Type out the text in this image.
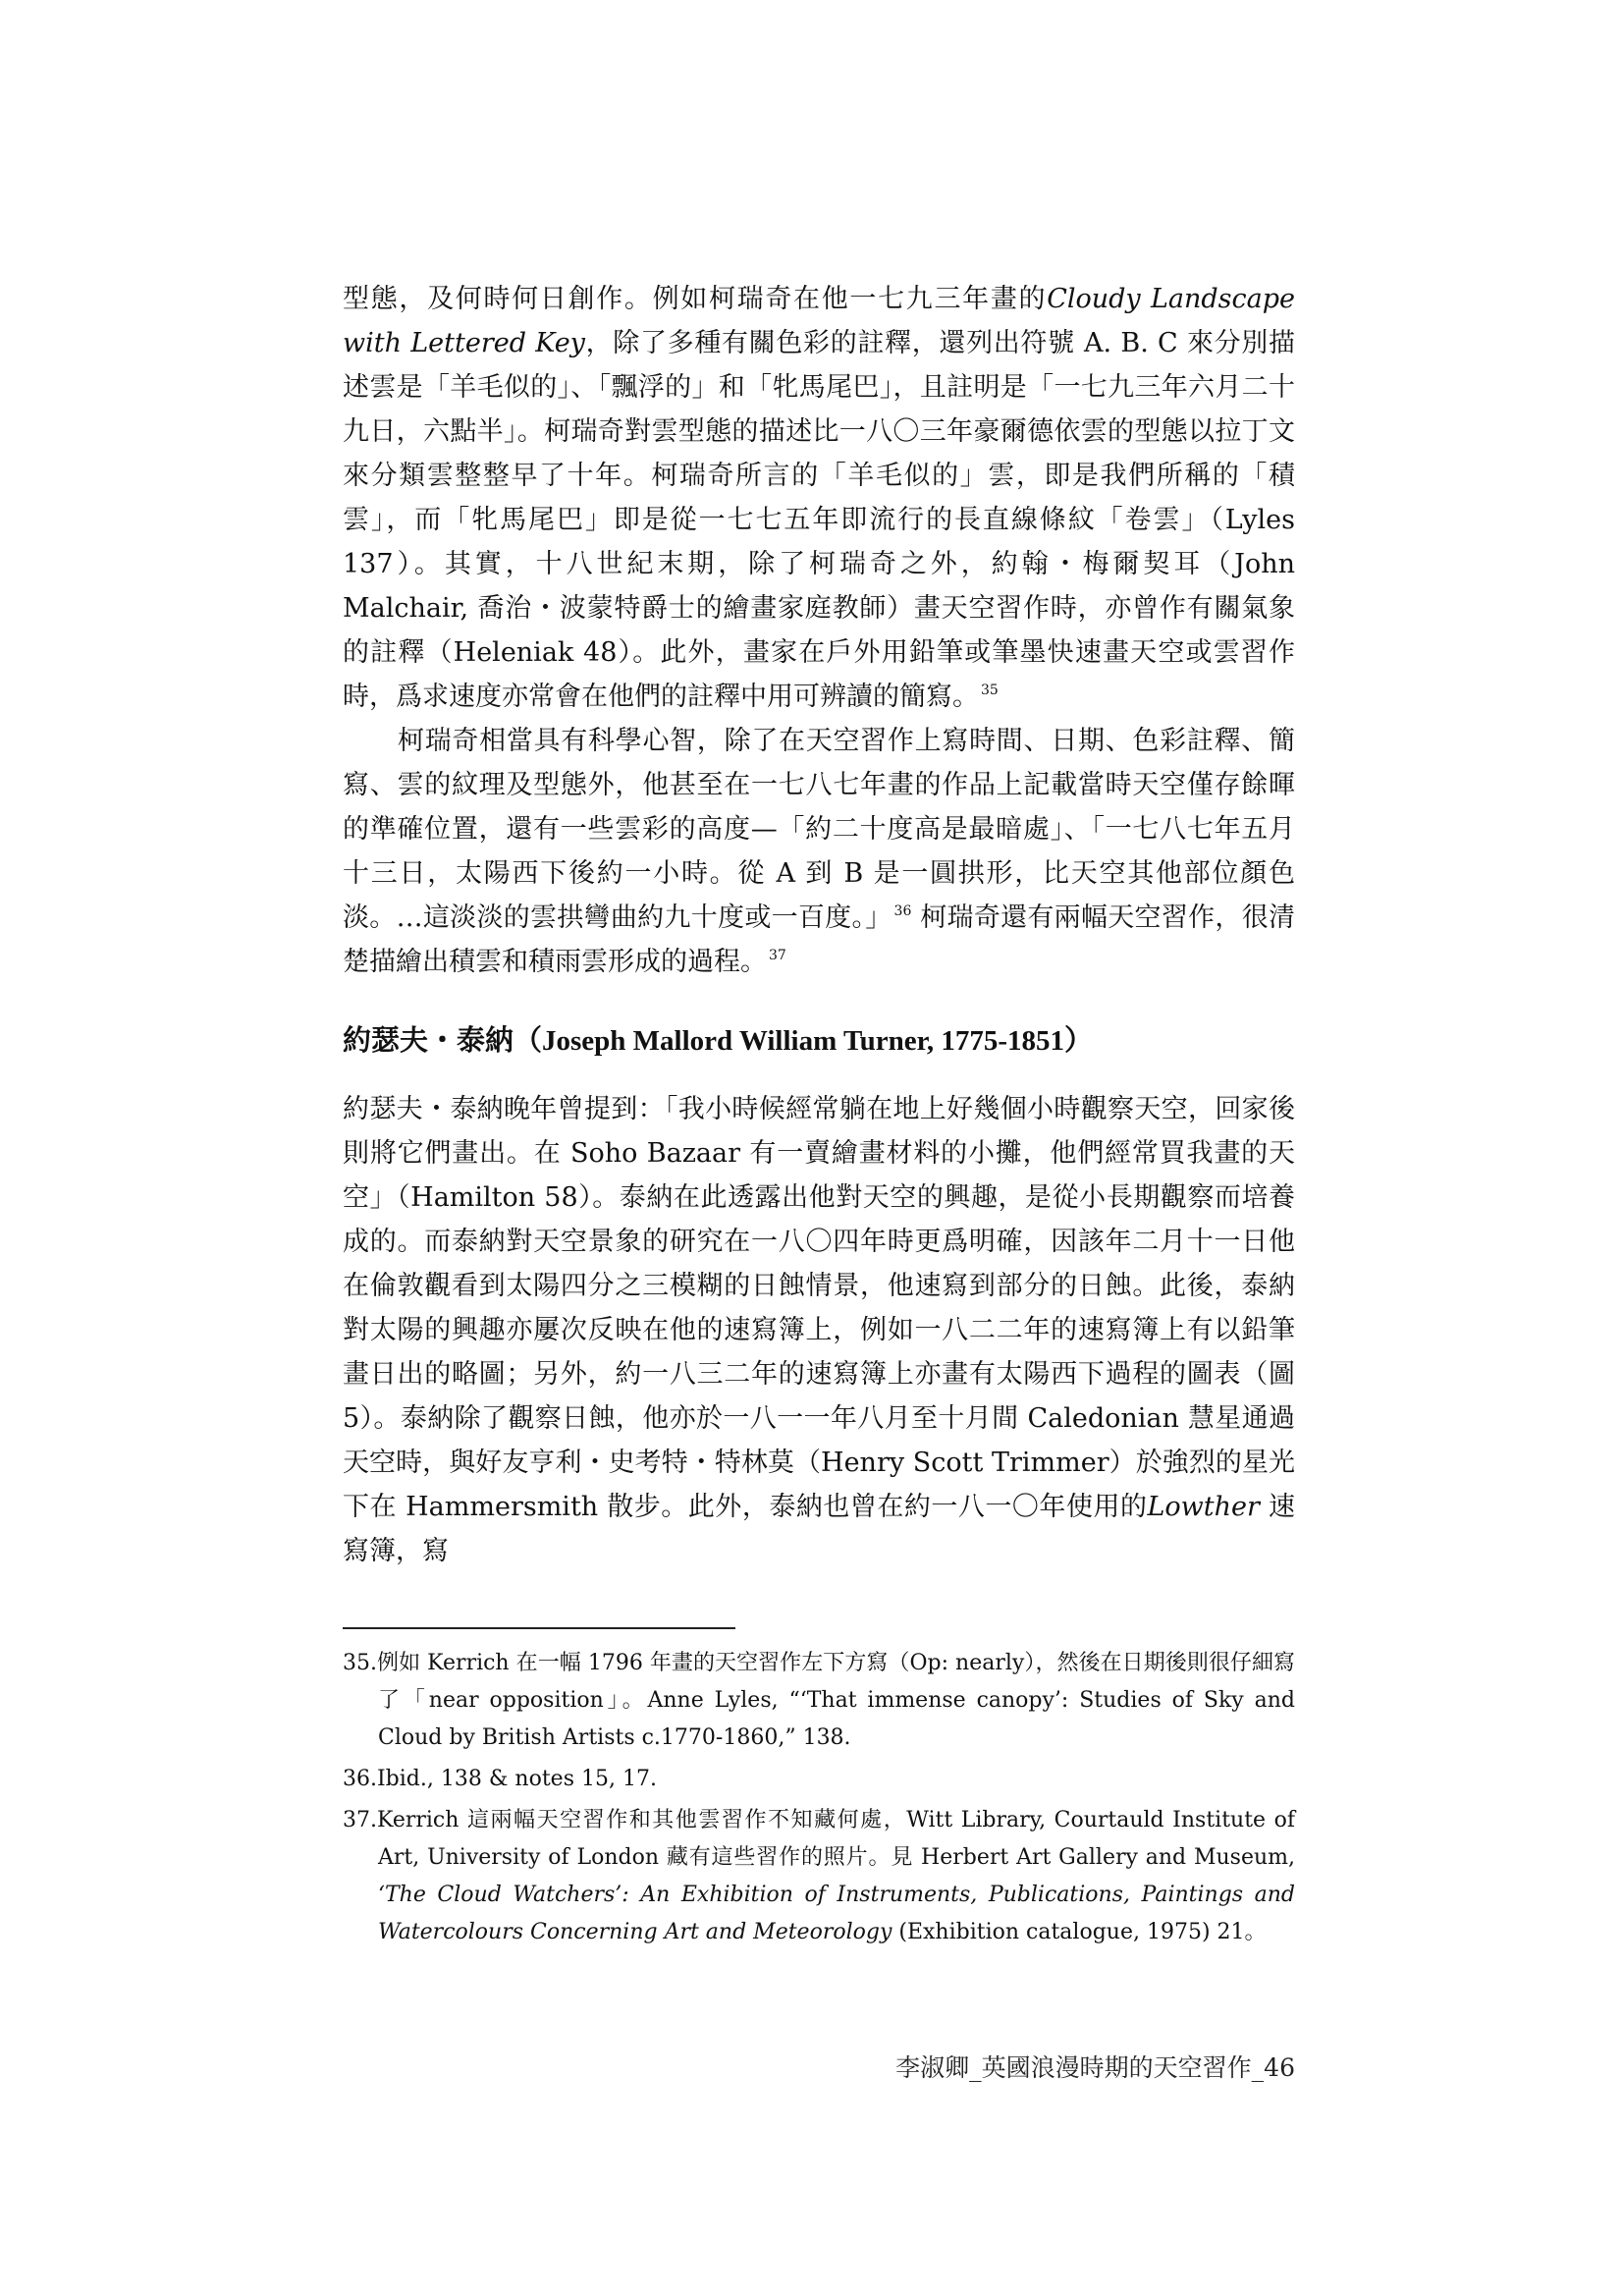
型態，及何時何日創作。例如柯瑞奇在他一七九三年畫的Cloudy Landscape with Lettered Key，除了多種有關色彩的註釋，還列出符號 A. B. C 來分別描述雲是「羊毛似的」、「飄浮的」和「牝馬尾巴」，且註明是「一七九三年六月二十九日，六點半」。柯瑞奇對雲型態的描述比一八〇三年豪爾德依雲的型態以拉丁文來分類雲整整早了十年。柯瑞奇所言的「羊毛似的」雲，即是我們所稱的「積雲」，而「牝馬尾巴」即是從一七七五年即流行的長直線條紋「卷雲」（Lyles 137）。其實，十八世紀末期，除了柯瑞奇之外，約翰・梅爾契耳（John Malchair, 喬治・波蒙特爵士的繪畫家庭教師）畫天空習作時，亦曾作有關氣象的註釋（Heleniak 48）。此外，畫家在戶外用鉛筆或筆墨快速畫天空或雲習作時，爲求速度亦常會在他們的註釋中用可辨讀的簡寫。 $^{35}$

柯瑞奇相當具有科學心智，除了在天空習作上寫時間、日期、色彩註釋、簡寫、雲的紋理及型態外，他甚至在一七八七年畫的作品上記載當時天空僅存餘暉的準確位置，還有一些雲彩的高度—「約二十度高是最暗處」、「一七八七年五月十三日，太陽西下後約一小時。從 A 到 B 是一圓拱形，比天空其他部位顏色淡。…這淡淡的雲拱彎曲約九十度或一百度。」 $^{36}$ 柯瑞奇還有兩幅天空習作，很清楚描繪出積雲和積雨雲形成的過程。 $^{37}$

約瑟夫・泰納（Joseph Mallord William Turner, 1775-1851）

約瑟夫・泰納晚年曾提到：「我小時候經常躺在地上好幾個小時觀察天空，回家後則將它們畫出。在 Soho Bazaar 有一賣繪畫材料的小攤，他們經常買我畫的天空」（Hamilton 58）。泰納在此透露出他對天空的興趣，是從小長期觀察而培養成的。而泰納對天空景象的研究在一八〇四年時更爲明確，因該年二月十一日他在倫敦觀看到太陽四分之三模糊的日蝕情景，他速寫到部分的日蝕。此後，泰納對太陽的興趣亦屢次反映在他的速寫簿上，例如一八二二年的速寫簿上有以鉛筆畫日出的略圖；另外，約一八三二年的速寫簿上亦畫有太陽西下過程的圖表（圖 5）。泰納除了觀察日蝕，他亦於一八一一年八月至十月間 Caledonian 慧星通過天空時，與好友亨利・史考特・特林莫（Henry Scott Trimmer）於強烈的星光下在 Hammersmith 散步。此外，泰納也曾在約一八一〇年使用的Lowther 速寫簿，寫

35.例如 Kerrich 在一幅 1796 年畫的天空習作左下方寫（Op: nearly），然後在日期後則很仔細寫了「near opposition」。Anne Lyles, “‘That immense canopy’: Studies of Sky and Cloud by British Artists c.1770-1860,” 138.

36.Ibid., 138 & notes 15, 17.

37.Kerrich 這兩幅天空習作和其他雲習作不知藏何處，Witt Library, Courtauld Institute of Art, University of London 藏有這些習作的照片。見 Herbert Art Gallery and Museum, ‘The Cloud Watchers’: An Exhibition of Instruments, Publications, Paintings and Watercolours Concerning Art and Meteorology (Exhibition catalogue, 1975) 21。

李淑卿_英國浪漫時期的天空習作_46
